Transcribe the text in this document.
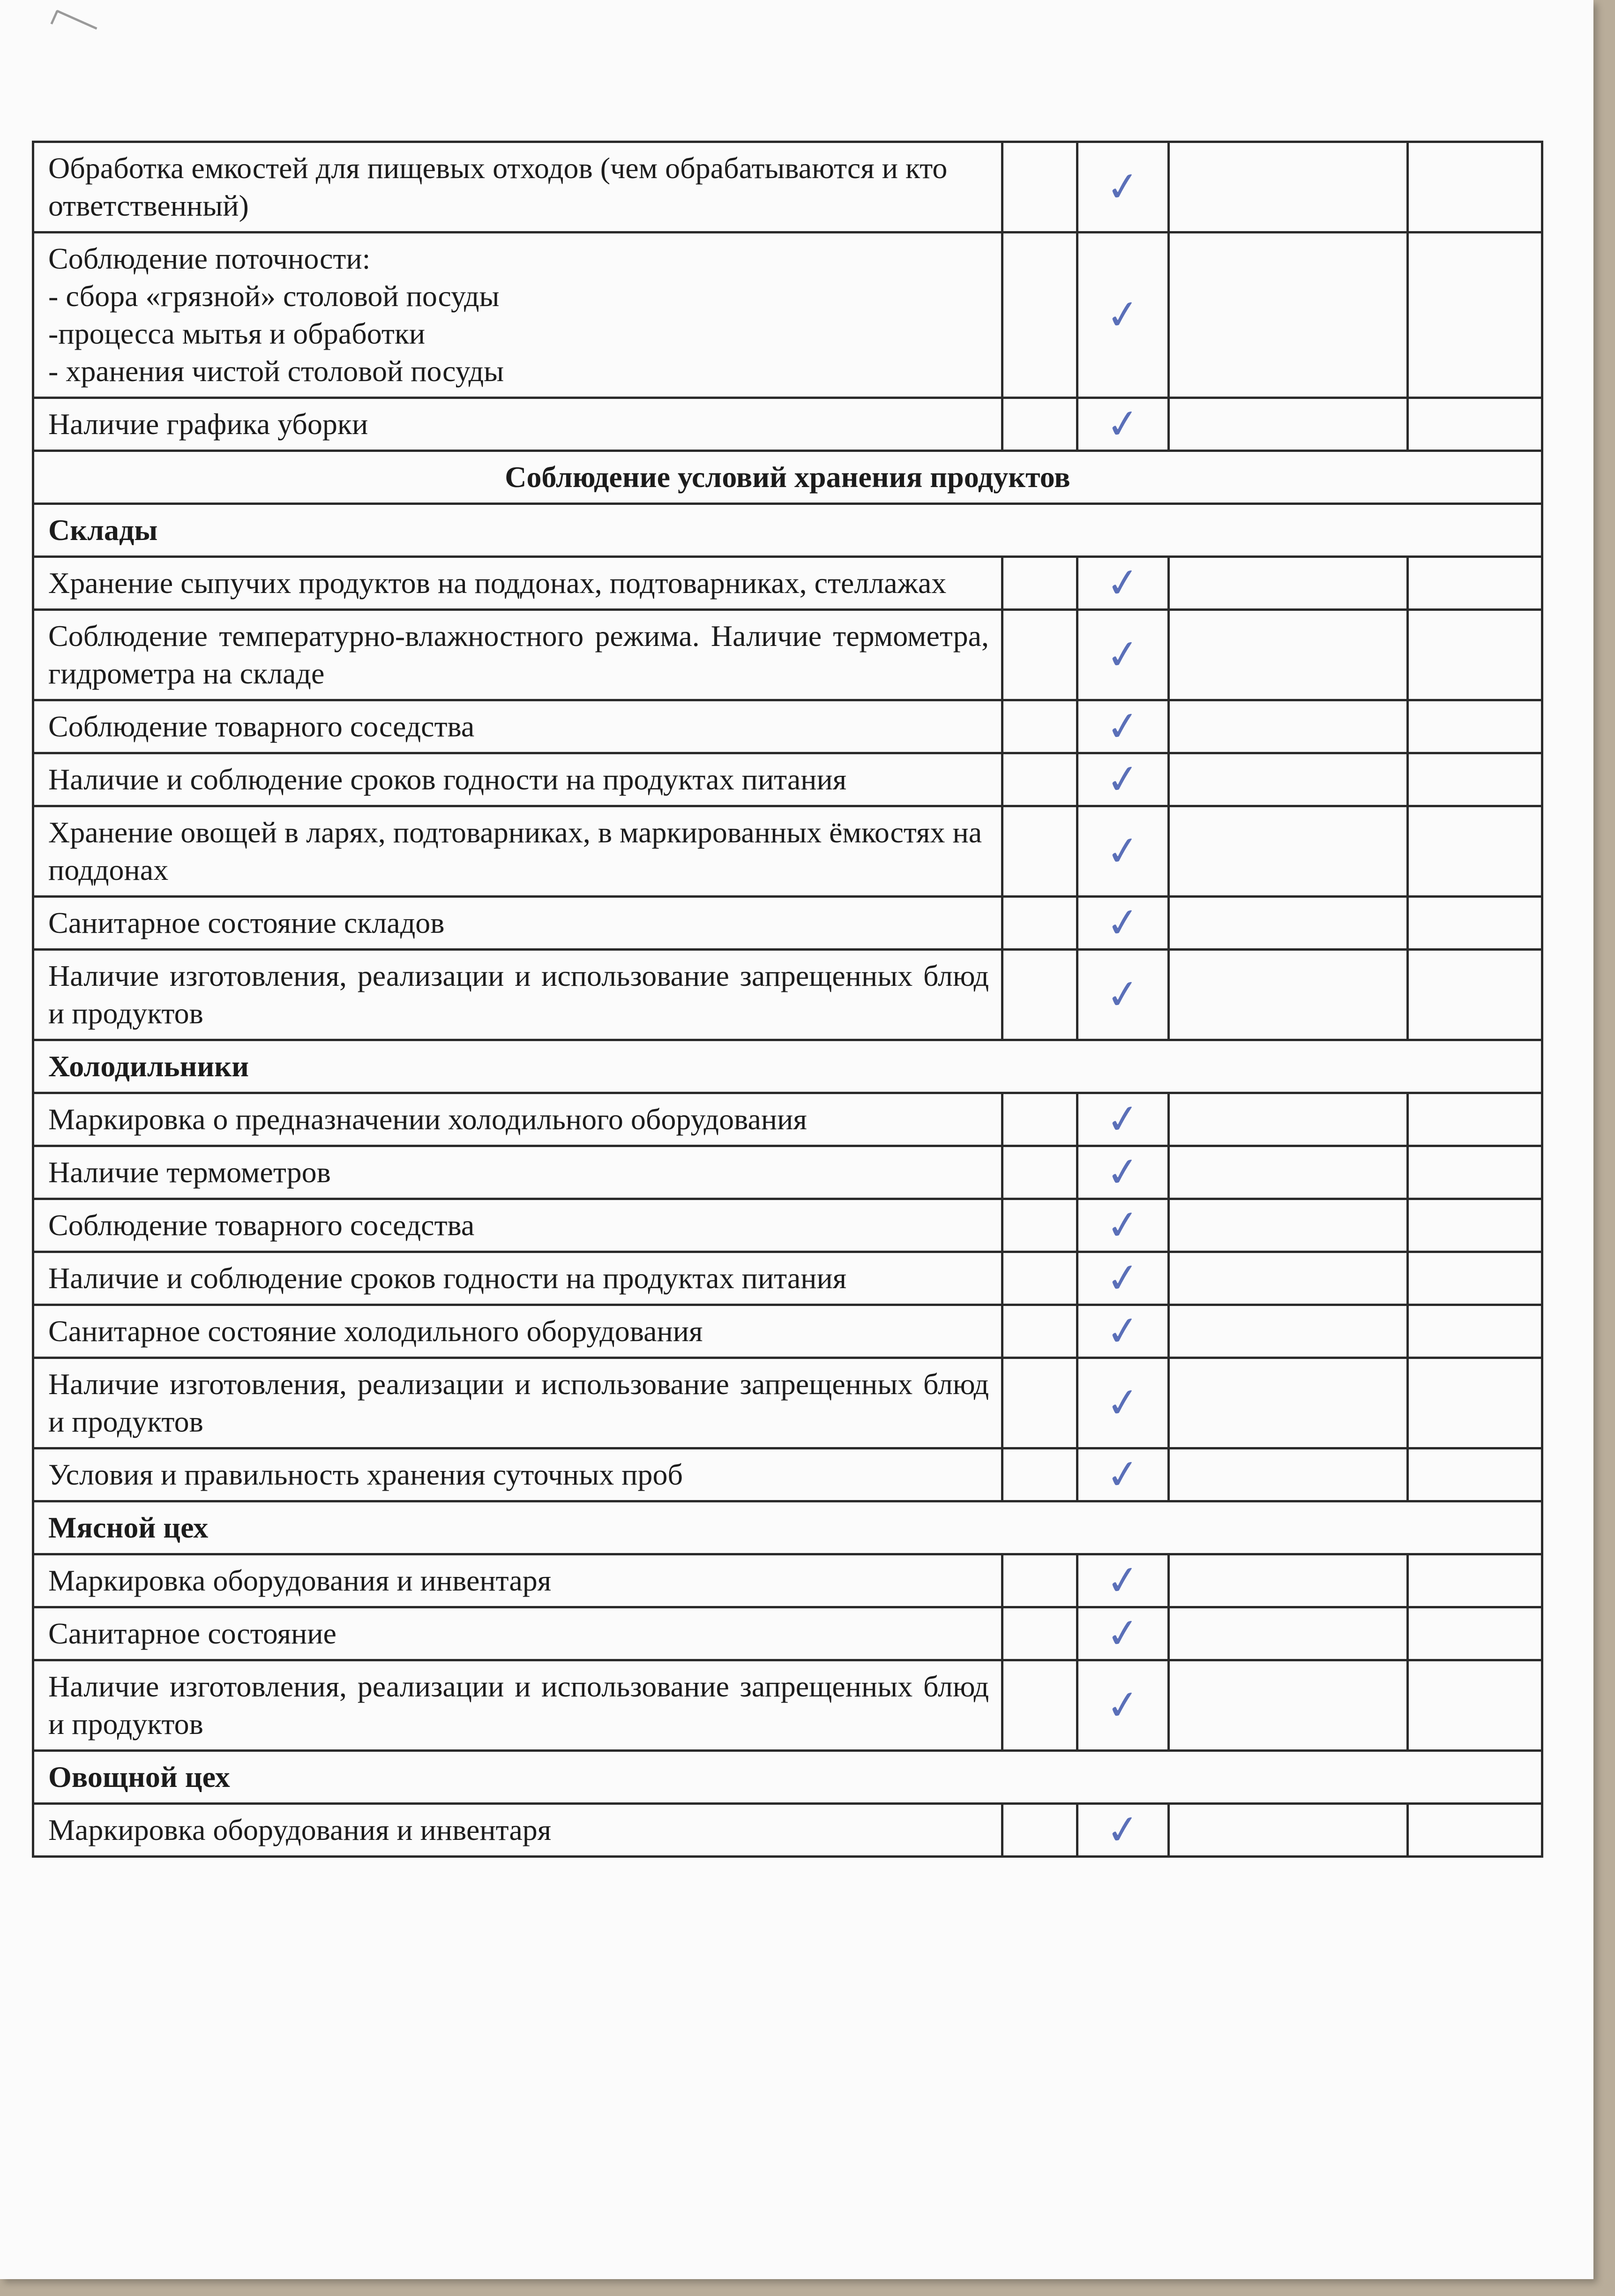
Обработка емкостей для пищевых отходов (чем обрабатываются и кто ответственный)		✓		

Соблюдение поточности:
- сбора «грязной» столовой посуды
-процесса мытья и обработки
- хранения чистой столовой посуды		✓		

Наличие графика уборки		✓		
Соблюдение условий хранения продуктов				
Склады				

Хранение сыпучих продуктов на поддонах, подтоварниках, стеллажах		✓		

Соблюдение температурно-влажностного режима. Наличие термометра, гидрометра на складе		✓		

Соблюдение товарного соседства		✓		

Наличие и соблюдение сроков годности на продуктах питания		✓		

Хранение овощей в ларях, подтоварниках, в маркированных ёмкостях на поддонах		✓		

Санитарное состояние складов		✓		

Наличие изготовления, реализации и использование запрещенных блюд и продуктов		✓		
Холодильники				

Маркировка о предназначении холодильного оборудования		✓		

Наличие термометров		✓		

Соблюдение товарного соседства		✓		

Наличие и соблюдение сроков годности на продуктах питания		✓		

Санитарное состояние холодильного оборудования		✓		

Наличие изготовления, реализации и использование запрещенных блюд и продуктов		✓		

Условия и правильность хранения суточных проб		✓		
Мясной цех				

Маркировка оборудования и инвентаря		✓		

Санитарное состояние		✓		

Наличие изготовления, реализации и использование запрещенных блюд и продуктов		✓		
Овощной цех				

Маркировка оборудования и инвентаря		✓		
